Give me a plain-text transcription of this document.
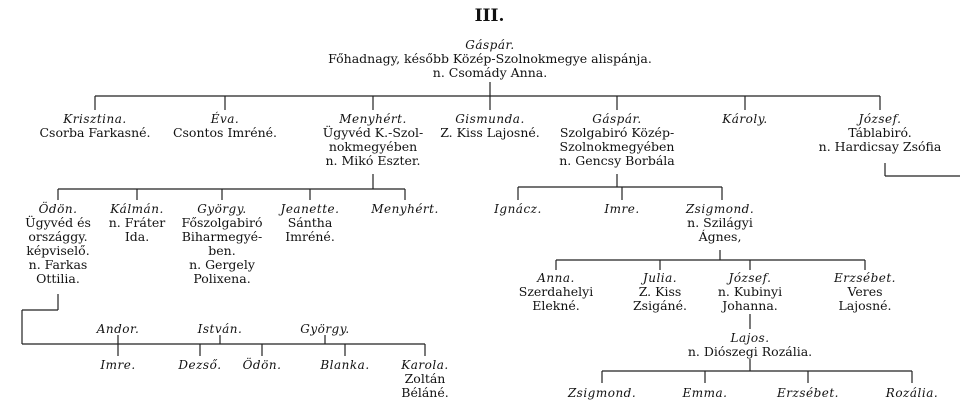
III.
Gáspár.
Főhadnagy, később Közép-Szolnokmegye alispánja.
n. Csomády Anna.
Krisztina.
Csorba Farkasné.
Éva.
Csontos Imréné.
Menyhért.
Ügyvéd K.-Szol-
nokmegyében
n. Mikó Eszter.
Gismunda.
Z. Kiss Lajosné.
Gáspár.
Szolgabiró Közép-
Szolnokmegyében
n. Gencsy Borbála
Károly.	József.
Táblabiró.
n. Hardicsay Zsófia
Ödön.
Ügyvéd és
országgy.
képviselő.
n. Farkas
Ottilia.
Kálmán.
n. Fráter
Ida.
György.
Főszolgabiró
Biharmegyé-
ben.
n. Gergely
Polixena.
Jeanette.
Sántha
Imréné.
Menyhért.	Ignácz.	Imre.	Zsigmond.
n. Szilágyi
Ágnes,
Anna.
Szerdahelyi
Elekné.
Julia.
Z. Kiss
Zsigáné.
József.
n. Kubinyi
Johanna.
Erzsébet.
Veres
Lajosné.
Lajos.
n. Diószegi Rozália.
Zsigmond.	Emma.	Erzsébet.	Rozália.
Andor.	István.	György.
Imre.	Dezső.	Ödön.	Blanka.	Karola.
Zoltán
Béláné.
